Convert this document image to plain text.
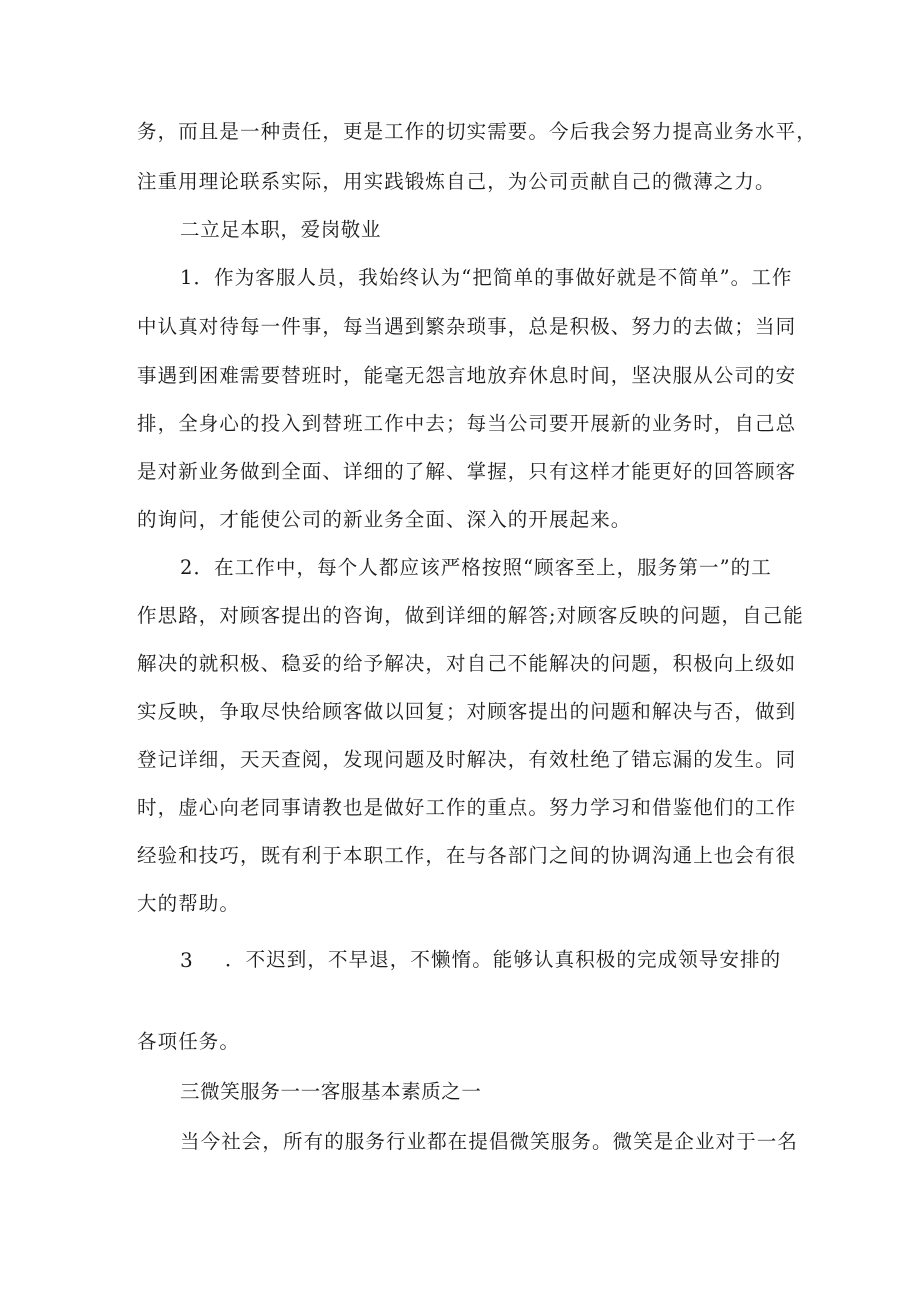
务，而且是一种责任，更是工作的切实需要。今后我会努力提高业务水平，
注重用理论联系实际，用实践锻炼自己，为公司贡献自己的微薄之力。
二立足本职，爱岗敬业
1．作为客服人员，我始终认为“把简单的事做好就是不简单”。工作
中认真对待每一件事，每当遇到繁杂琐事，总是积极、努力的去做；当同
事遇到困难需要替班时，能毫无怨言地放弃休息时间，坚决服从公司的安
排，全身心的投入到替班工作中去；每当公司要开展新的业务时，自己总
是对新业务做到全面、详细的了解、掌握，只有这样才能更好的回答顾客
的询问，才能使公司的新业务全面、深入的开展起来。
2．在工作中，每个人都应该严格按照“顾客至上，服务第一”的工
作思路，对顾客提出的咨询，做到详细的解答;对顾客反映的问题，自己能
解决的就积极、稳妥的给予解决，对自己不能解决的问题，积极向上级如
实反映，争取尽快给顾客做以回复；对顾客提出的问题和解决与否，做到
登记详细，天天查阅，发现问题及时解决，有效杜绝了错忘漏的发生。同
时，虚心向老同事请教也是做好工作的重点。努力学习和借鉴他们的工作
经验和技巧，既有利于本职工作，在与各部门之间的协调沟通上也会有很
大的帮助。
3 ．不迟到，不早退，不懒惰。能够认真积极的完成领导安排的
各项任务。
三微笑服务一一客服基本素质之一
当今社会，所有的服务行业都在提倡微笑服务。微笑是企业对于一名
